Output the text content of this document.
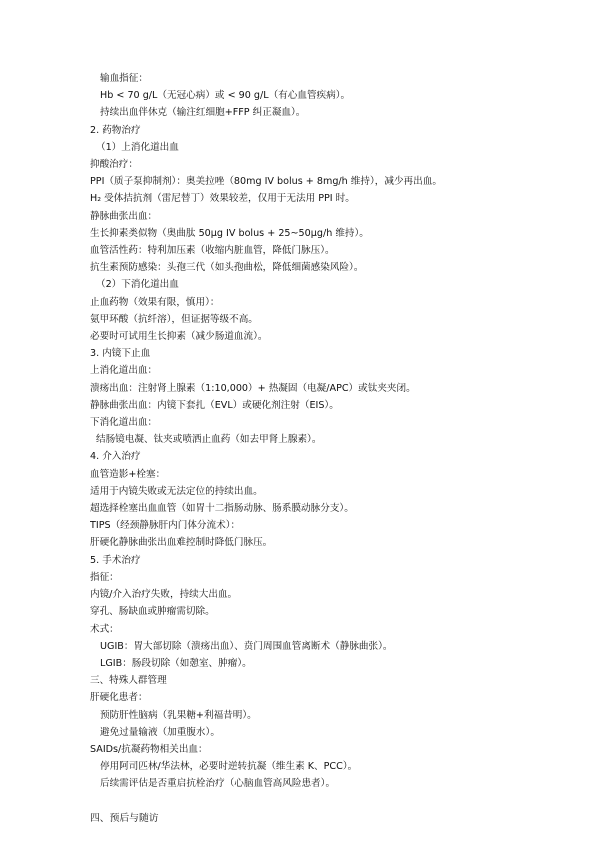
输血指征：
Hb < 70 g/L（无冠心病）或 < 90 g/L（有心血管疾病）。
持续出血伴休克（输注红细胞+FFP 纠正凝血）。
2. 药物治疗
（1）上消化道出血
抑酸治疗：
PPI（质子泵抑制剂）：奥美拉唑（80mg IV bolus + 8mg/h 维持），减少再出血。
H₂ 受体拮抗剂（雷尼替丁）效果较差，仅用于无法用 PPI 时。
静脉曲张出血：
生长抑素类似物（奥曲肽 50μg IV bolus + 25~50μg/h 维持）。
血管活性药：特利加压素（收缩内脏血管，降低门脉压）。
抗生素预防感染：头孢三代（如头孢曲松，降低细菌感染风险）。
（2）下消化道出血
止血药物（效果有限，慎用）：
氨甲环酸（抗纤溶），但证据等级不高。
必要时可试用生长抑素（减少肠道血流）。
3. 内镜下止血
上消化道出血：
溃疡出血：注射肾上腺素（1:10,000）+ 热凝固（电凝/APC）或钛夹夹闭。
静脉曲张出血：内镜下套扎（EVL）或硬化剂注射（EIS）。
下消化道出血：
结肠镜电凝、钛夹或喷洒止血药（如去甲肾上腺素）。
4. 介入治疗
血管造影+栓塞：
适用于内镜失败或无法定位的持续出血。
超选择栓塞出血血管（如胃十二指肠动脉、肠系膜动脉分支）。
TIPS（经颈静脉肝内门体分流术）：
肝硬化静脉曲张出血难控制时降低门脉压。
5. 手术治疗
指征：
内镜/介入治疗失败，持续大出血。
穿孔、肠缺血或肿瘤需切除。
术式：
UGIB：胃大部切除（溃疡出血）、贲门周围血管离断术（静脉曲张）。
LGIB：肠段切除（如憩室、肿瘤）。
三、特殊人群管理
肝硬化患者：
预防肝性脑病（乳果糖+利福昔明）。
避免过量输液（加重腹水）。
SAIDs/抗凝药物相关出血：
停用阿司匹林/华法林，必要时逆转抗凝（维生素 K、PCC）。
后续需评估是否重启抗栓治疗（心脑血管高风险患者）。
四、预后与随访
